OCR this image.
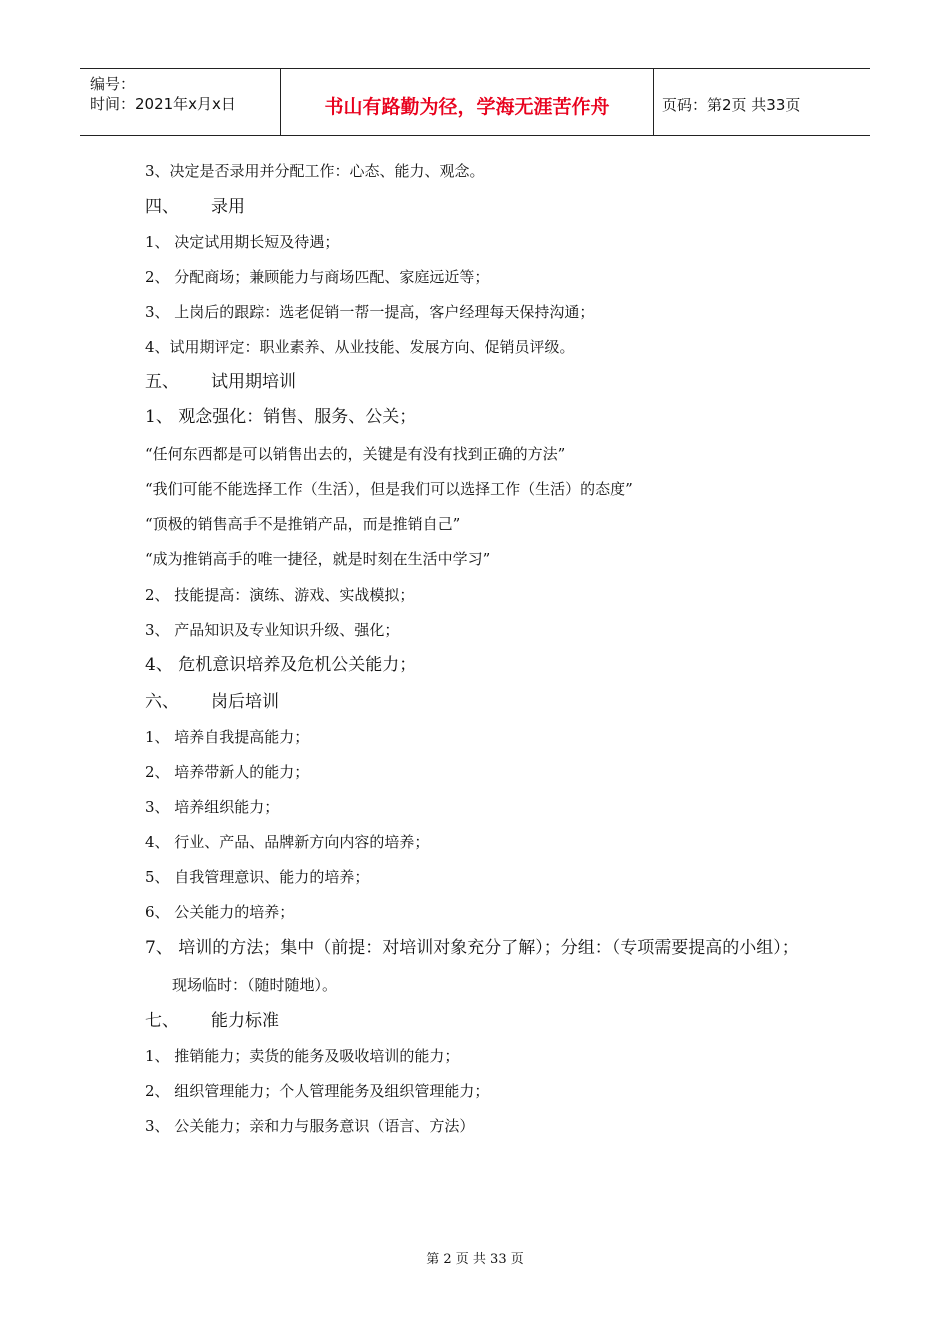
编号：
时间：2021年x月x日	书山有路勤为径，学海无涯苦作舟	页码：第2页 共33页
3、决定是否录用并分配工作：心态、能力、观念。
四、 录用
1、 决定试用期长短及待遇；
2、 分配商场；兼顾能力与商场匹配、家庭远近等；
3、 上岗后的跟踪：选老促销一帮一提高，客户经理每天保持沟通；
4、试用期评定：职业素养、从业技能、发展方向、促销员评级。
五、 试用期培训
1、 观念强化：销售、服务、公关；
“任何东西都是可以销售出去的，关键是有没有找到正确的方法”
“我们可能不能选择工作（生活），但是我们可以选择工作（生活）的态度”
“顶极的销售高手不是推销产品，而是推销自己”
“成为推销高手的唯一捷径，就是时刻在生活中学习”
2、 技能提高：演练、游戏、实战模拟；
3、 产品知识及专业知识升级、强化；
4、 危机意识培养及危机公关能力；
六、 岗后培训
1、 培养自我提高能力；
2、 培养带新人的能力；
3、 培养组织能力；
4、 行业、产品、品牌新方向内容的培养；
5、 自我管理意识、能力的培养；
6、 公关能力的培养；
7、 培训的方法；集中（前提：对培训对象充分了解）；分组：（专项需要提高的小组）；
现场临时：（随时随地）。
七、 能力标准
1、 推销能力；卖货的能务及吸收培训的能力；
2、 组织管理能力；个人管理能务及组织管理能力；
3、 公关能力；亲和力与服务意识（语言、方法）
第 2 页 共 33 页
